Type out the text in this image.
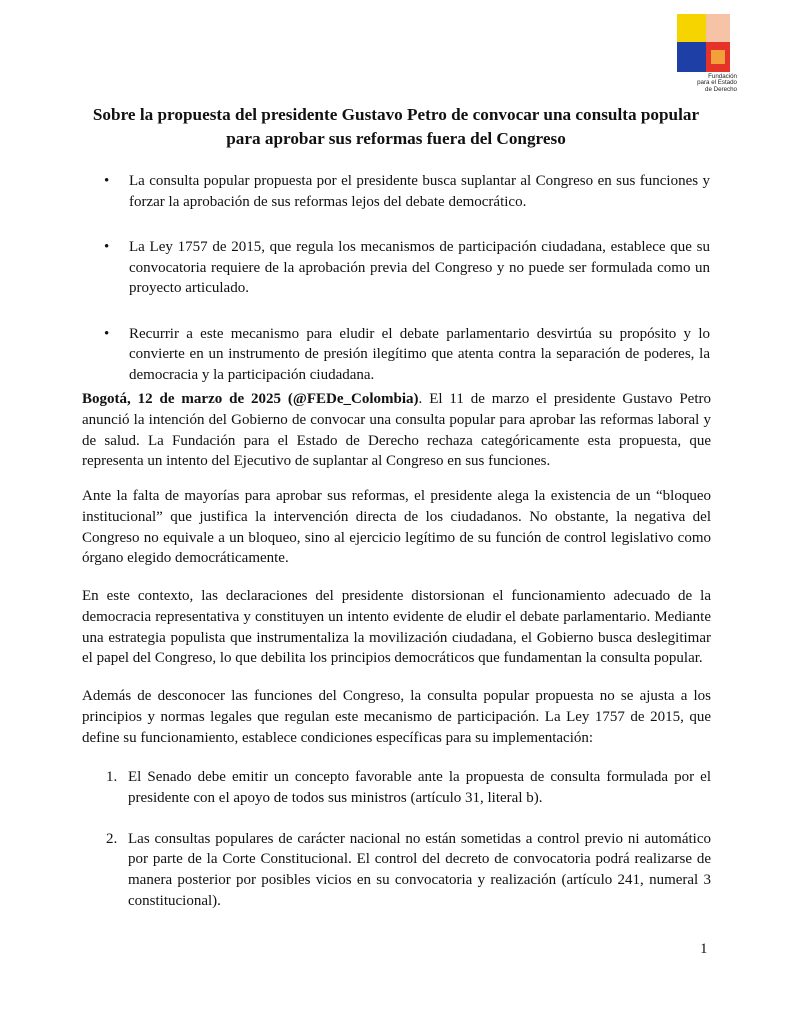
Fundación
para el Estado
de Derecho
Sobre la propuesta del presidente Gustavo Petro de convocar una consulta popular para aprobar sus reformas fuera del Congreso
• La consulta popular propuesta por el presidente busca suplantar al Congreso en sus funciones y forzar la aprobación de sus reformas lejos del debate democrático.
• La Ley 1757 de 2015, que regula los mecanismos de participación ciudadana, establece que su convocatoria requiere de la aprobación previa del Congreso y no puede ser formulada como un proyecto articulado.
• Recurrir a este mecanismo para eludir el debate parlamentario desvirtúa su propósito y lo convierte en un instrumento de presión ilegítimo que atenta contra la separación de poderes, la democracia y la participación ciudadana.

Bogotá, 12 de marzo de 2025 (@FEDe_Colombia). El 11 de marzo el presidente Gustavo Petro anunció la intención del Gobierno de convocar una consulta popular para aprobar las reformas laboral y de salud. La Fundación para el Estado de Derecho rechaza categóricamente esta propuesta, que representa un intento del Ejecutivo de suplantar al Congreso en sus funciones.

Ante la falta de mayorías para aprobar sus reformas, el presidente alega la existencia de un “bloqueo institucional” que justifica la intervención directa de los ciudadanos. No obstante, la negativa del Congreso no equivale a un bloqueo, sino al ejercicio legítimo de su función de control legislativo como órgano elegido democráticamente.

En este contexto, las declaraciones del presidente distorsionan el funcionamiento adecuado de la democracia representativa y constituyen un intento evidente de eludir el debate parlamentario. Mediante una estrategia populista que instrumentaliza la movilización ciudadana, el Gobierno busca deslegitimar el papel del Congreso, lo que debilita los principios democráticos que fundamentan la consulta popular.

Además de desconocer las funciones del Congreso, la consulta popular propuesta no se ajusta a los principios y normas legales que regulan este mecanismo de participación. La Ley 1757 de 2015, que define su funcionamiento, establece condiciones específicas para su implementación:

1. El Senado debe emitir un concepto favorable ante la propuesta de consulta formulada por el presidente con el apoyo de todos sus ministros (artículo 31, literal b).
2. Las consultas populares de carácter nacional no están sometidas a control previo ni automático por parte de la Corte Constitucional. El control del decreto de convocatoria podrá realizarse de manera posterior por posibles vicios en su convocatoria y realización (artículo 241, numeral 3 constitucional).
1
